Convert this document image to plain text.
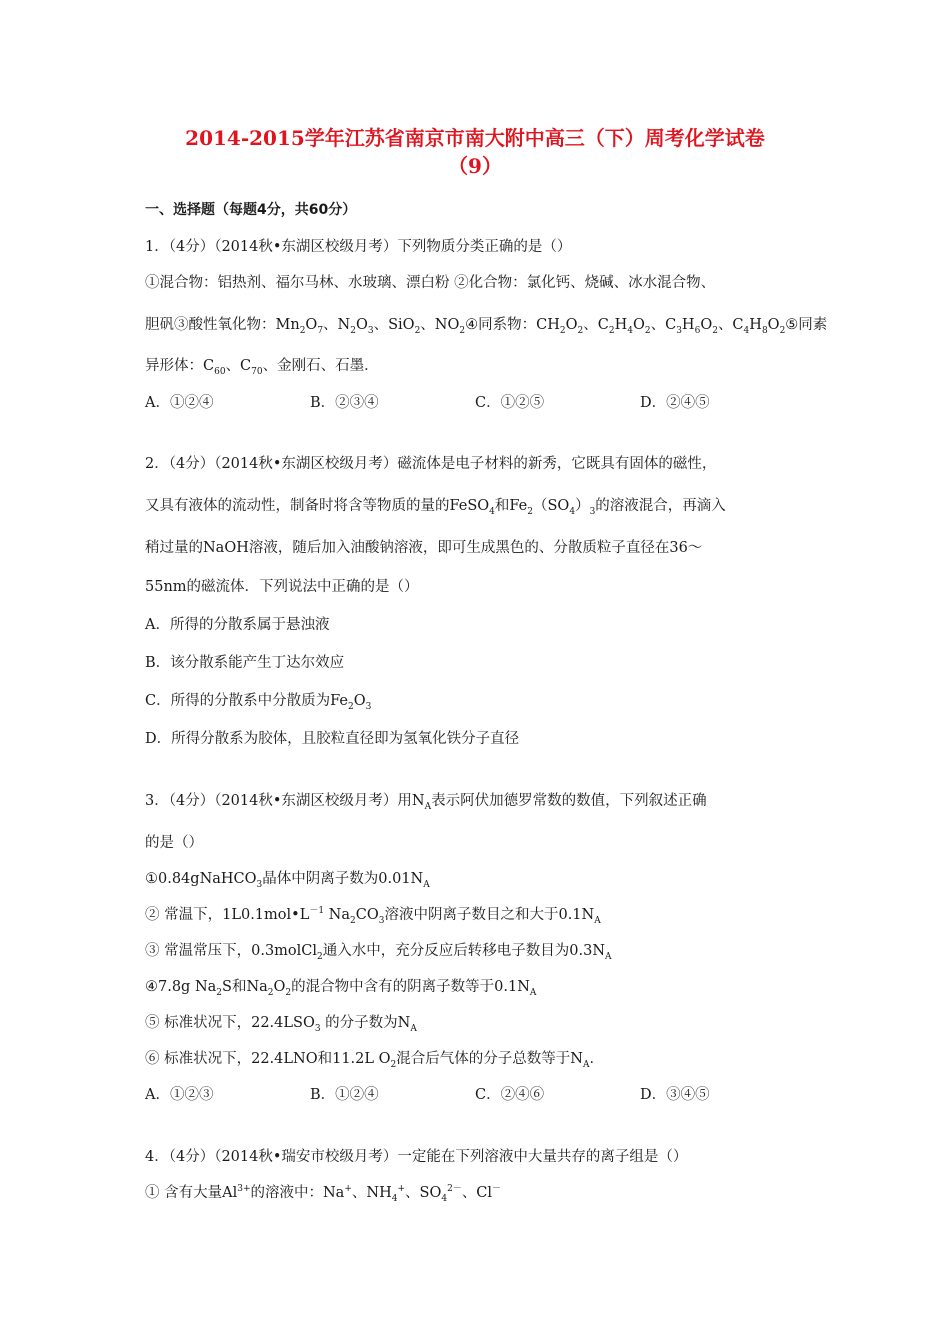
2014-2015学年江苏省南京市南大附中高三（下）周考化学试卷
（9）
一、选择题（每题4分，共60分）
1．（4分）（2014秋•东湖区校级月考）下列物质分类正确的是（）
①混合物：铝热剂、福尔马林、水玻璃、漂白粉 ②化合物：氯化钙、烧碱、冰水混合物、
胆矾③酸性氧化物：$Mn_2O_7$、$N_2O_3$、SiO$_2$、$NO_2④$同系物：$CH_2O_2$、$C_2H_4O_2$、$C_3H_6O_2$、$C_4H_8O_2⑤$同素
异形体：$C_{60}$、$C_{70}$、金刚石、石墨．
A．①②④	B．②③④	C．①②⑤	D．②④⑤
2．（4分）（2014秋•东湖区校级月考）磁流体是电子材料的新秀，它既具有固体的磁性，
又具有液体的流动性，制备时将含等物质的量的FeSO$_4$和$Fe_2(SO_4)_3$的溶液混合，再滴入
稍过量的NaOH溶液，随后加入油酸钠溶液，即可生成黑色的、分散质粒子直径在36～
55nm的磁流体．下列说法中正确的是（）
A．所得的分散系属于悬浊液
B．该分散系能产生丁达尔效应
C．所得的分散系中分散质为$Fe_2O_3$
D．所得分散系为胶体，且胶粒直径即为氢氧化铁分子直径
3．（4分）（2014秋•东湖区校级月考）用$N_A$表示阿伏加德罗常数的数值，下列叙述正确
的是（）
①0.84gNaHCO$_3$晶体中阴离子数为$0.01N_A$
② 常温下，$1L0.1mol•L^{-1}$ $Na_2CO_3$溶液中阴离子数目之和大于$0.1N_A$
③ 常温常压下，0.3molCl$_2$通入水中，充分反应后转移电子数目为$0.3N_A$
④7.8g $Na_2S$和$Na_2O_2$的混合物中含有的阴离子数等于$0.1N_A$
⑤ 标准状况下，$22.4LSO_3$ 的分子数为$N_A$
⑥ 标准状况下，22.4LNO和11.2L $O_2$混合后气体的分子总数等于$N_A$．
A．①②③	B．①②④	C．②④⑥	D．③④⑤
4．（4分）（2014秋•瑞安市校级月考）一定能在下列溶液中大量共存的离子组是（）
① 含有大量$Al^{3+}$的溶液中：Na+、$NH_4^+$、$SO_4^{2-}$、Cl－
